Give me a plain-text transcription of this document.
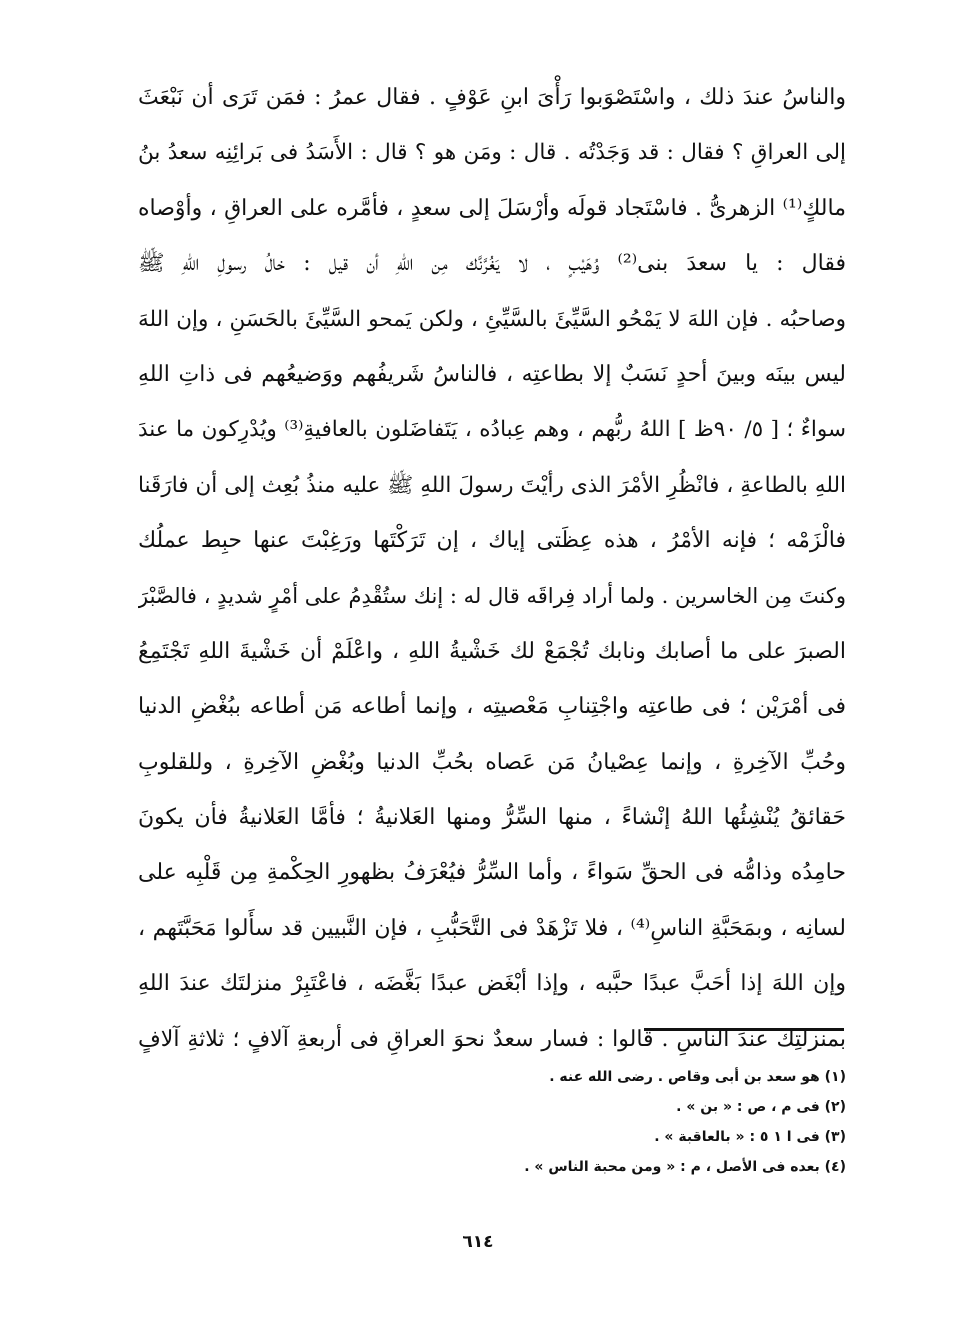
والناسُ عندَ ذلك ، واسْتَصْوَبوا رَأْىَ ابنِ عَوْفٍ . فقال عمرُ : فمَن تَرَى أن نَبْعَثَ
إلى العراقِ ؟ فقال : قد وَجَدْتُه . قال : ومَن هو ؟ قال : الأَسَدُ فى بَرائِنِه سعدُ بنُ
مالكٍ⁽¹⁾ الزهرىُّ . فاسْتَجاد قولَه وأرْسَلَ إلى سعدٍ ، فأمَّره على العراقِ ، وأوْصاه
فقال : يا سعدَ بنى⁽²⁾ وُهَيْبٍ ، لا يَغُرَّنَّك مِن اللهِ أن قيل : خالُ رسولِ اللهِ ﷺ
وصاحبُه . فإن اللهَ لا يَمْحُو السَّيِّئَ بالسَّيِّئِ ، ولكن يَمحو السَّيِّئَ بالحَسَنِ ، وإن اللهَ
ليس بينَه وبينَ أحدٍ نَسَبٌ إلا بطاعتِه ، فالناسُ شَريفُهم ووَضيعُهم فى ذاتِ اللهِ
سواءٌ ؛ [ ٥/ ٩٠ظ ] اللهُ ربُّهم ، وهم عِبادُه ، يَتَفاضَلون بالعافيةِ⁽³⁾ ويُدْرِكون ما عندَ
اللهِ بالطاعةِ ، فانْظُرِ الأمْرَ الذى رأيْتَ رسولَ اللهِ ﷺ عليه منذُ بُعِث إلى أن فارَقَنا
فالْزَمْه ؛ فإنه الأمْرُ ، هذه عِظَتى إياك ، إن تَرَكْتَها ورَغِبْتَ عنها حبِط عملُك
وكنتَ مِن الخاسرين . ولما أراد فِراقَه قال له : إنك ستُقْدِمُ على أمْرٍ شديدٍ ، فالصَّبْرَ
الصبرَ على ما أصابك ونابك تُجْمَعْ لك خَشْيةُ اللهِ ، واعْلَمْ أن خَشْيةَ اللهِ تَجْتَمِعُ
فى أمْرَيْن ؛ فى طاعتِه واجْتِنابِ مَعْصيتِه ، وإنما أطاعه مَن أطاعه ببُغْضِ الدنيا
وحُبِّ الآخِرةِ ، وإنما عِصْيانُ مَن عَصاه بحُبِّ الدنيا وبُغْضِ الآخِرةِ ، وللقلوبِ
حَقائقُ يُنْشِئُها اللهُ إنْشاءً ، منها السِّرُّ ومنها العَلانيةُ ؛ فأمَّا العَلانيةُ فأن يكونَ
حامِدُه وذامُّه فى الحقِّ سَواءً ، وأما السِّرُّ فيُعْرَفُ بظهورِ الحِكْمةِ مِن قَلْبِه على
لسانِه ، وبمَحَبَّةِ الناسِ⁽⁴⁾ ، فلا تَزْهَدْ فى التَّحَبُّبِ ، فإن النَّبيين قد سأَلوا مَحَبَّتَهم ،
وإن اللهَ إذا أحَبَّ عبدًا حبَّبه ، وإذا أبْغَض عبدًا بَغَّضَه ، فاعْتَبِرْ منزلتَك عندَ اللهِ
بمنزلتِك عندَ الناسِ . قالوا : فسار سعدٌ نحوَ العراقِ فى أربعةِ آلافٍ ؛ ثلاثةِ آلافٍ
(١) هو سعد بن أبى وقاص . رضى الله عنه .
(٢) فى م ، ص : « بن » .
(٣) فى ا ١ ٥ : « بالعاقبة » .
(٤) بعده فى الأصل ، م : « ومن محبة الناس » .
٦١٤
